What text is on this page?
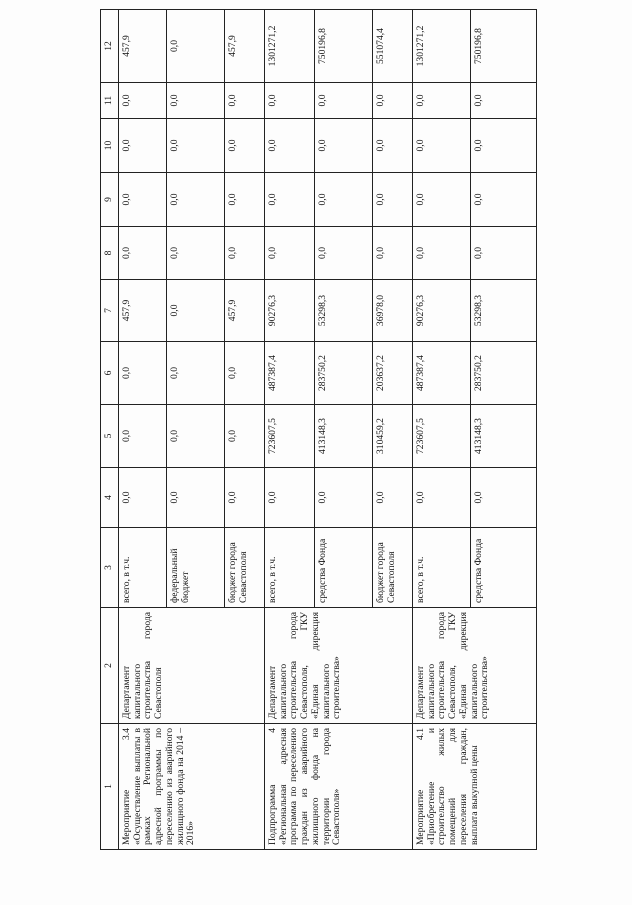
1	2	3	4	5	6	7	8	9	10	11	12
Мероприятие 3.4 «Осуществление выплаты в рамках Региональной адресной программы по переселению из аварийного жилищного фонда на 2014 – 2016»	Департамент капитального строительства города Севастополя	всего, в т.ч.	0,0	0,0	0,0	457,9	0,0	0,0	0,0	0,0	457,9
		федеральный бюджет	0,0	0,0	0,0	0,0	0,0	0,0	0,0	0,0	0,0
		бюджет города Севастополя	0,0	0,0	0,0	457,9	0,0	0,0	0,0	0,0	457,9
Подпрограмма 4 «Региональная адресная программа по переселению граждан из аварийного жилищного фонда на территории города Севастополя»	Департамент капитального строительства города Севастополя, ГКУ «Единая дирекция капитального строительства»	всего, в т.ч.	0,0	723607,5	487387,4	90276,3	0,0	0,0	0,0	0,0	1301271,2
		средства Фонда	0,0	413148,3	283750,2	53298,3	0,0	0,0	0,0	0,0	750196,8
		бюджет города Севастополя	0,0	310459,2	203637,2	36978,0	0,0	0,0	0,0	0,0	551074,4
Мероприятие 4.1 «Приобретение и строительство жилых помещений для переселения граждан, выплата выкупной цены	Департамент капитального строительства города Севастополя, ГКУ «Единая дирекция капитального строительства»	всего, в т.ч.	0,0	723607,5	487387,4	90276,3	0,0	0,0	0,0	0,0	1301271,2
		средства Фонда	0,0	413148,3	283750,2	53298,3	0,0	0,0	0,0	0,0	750196,8
